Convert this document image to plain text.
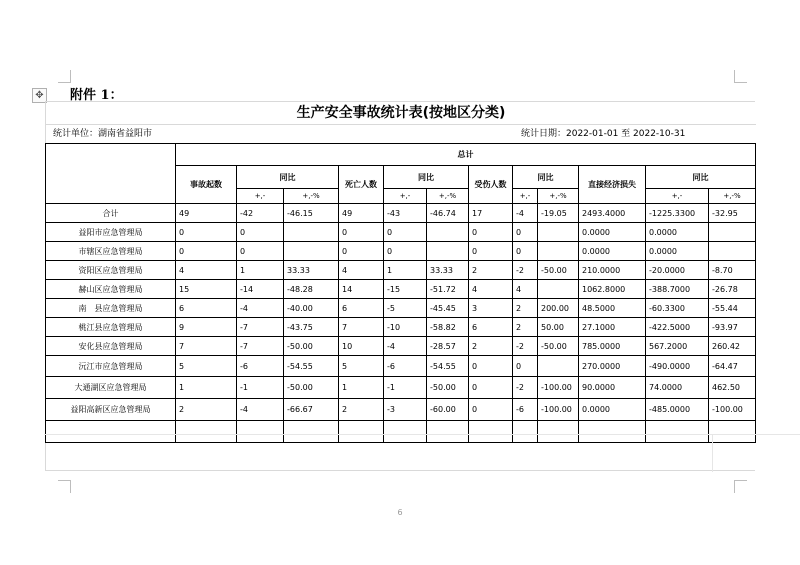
✥ 附件 1：
生产安全事故统计表(按地区分类)
统计单位：湖南省益阳市	统计日期：2022-01-01 至 2022-10-31
	总计											
	事故起数	同比		死亡人数	同比		受伤人数	同比		直接经济损失	同比	
		+,-	+,-%		+,-	+,-%		+,-	+,-%		+,-	+,-%
合计	49	-42	-46.15	49	-43	-46.74	17	-4	-19.05	2493.4000	-1225.3300	-32.95
益阳市应急管理局	0	0		0	0		0	0		0.0000	0.0000	
市辖区应急管理局	0	0		0	0		0	0		0.0000	0.0000	
资阳区应急管理局	4	1	33.33	4	1	33.33	2	-2	-50.00	210.0000	-20.0000	-8.70
赫山区应急管理局	15	-14	-48.28	14	-15	-51.72	4	4		1062.8000	-388.7000	-26.78
南　县应急管理局	6	-4	-40.00	6	-5	-45.45	3	2	200.00	48.5000	-60.3300	-55.44
桃江县应急管理局	9	-7	-43.75	7	-10	-58.82	6	2	50.00	27.1000	-422.5000	-93.97
安化县应急管理局	7	-7	-50.00	10	-4	-28.57	2	-2	-50.00	785.0000	567.2000	260.42
沅江市应急管理局	5	-6	-54.55	5	-6	-54.55	0	0		270.0000	-490.0000	-64.47
大通湖区应急管理局	1	-1	-50.00	1	-1	-50.00	0	-2	-100.00	90.0000	74.0000	462.50
益阳高新区应急管理局	2	-4	-66.67	2	-3	-60.00	0	-6	-100.00	0.0000	-485.0000	-100.00

6
